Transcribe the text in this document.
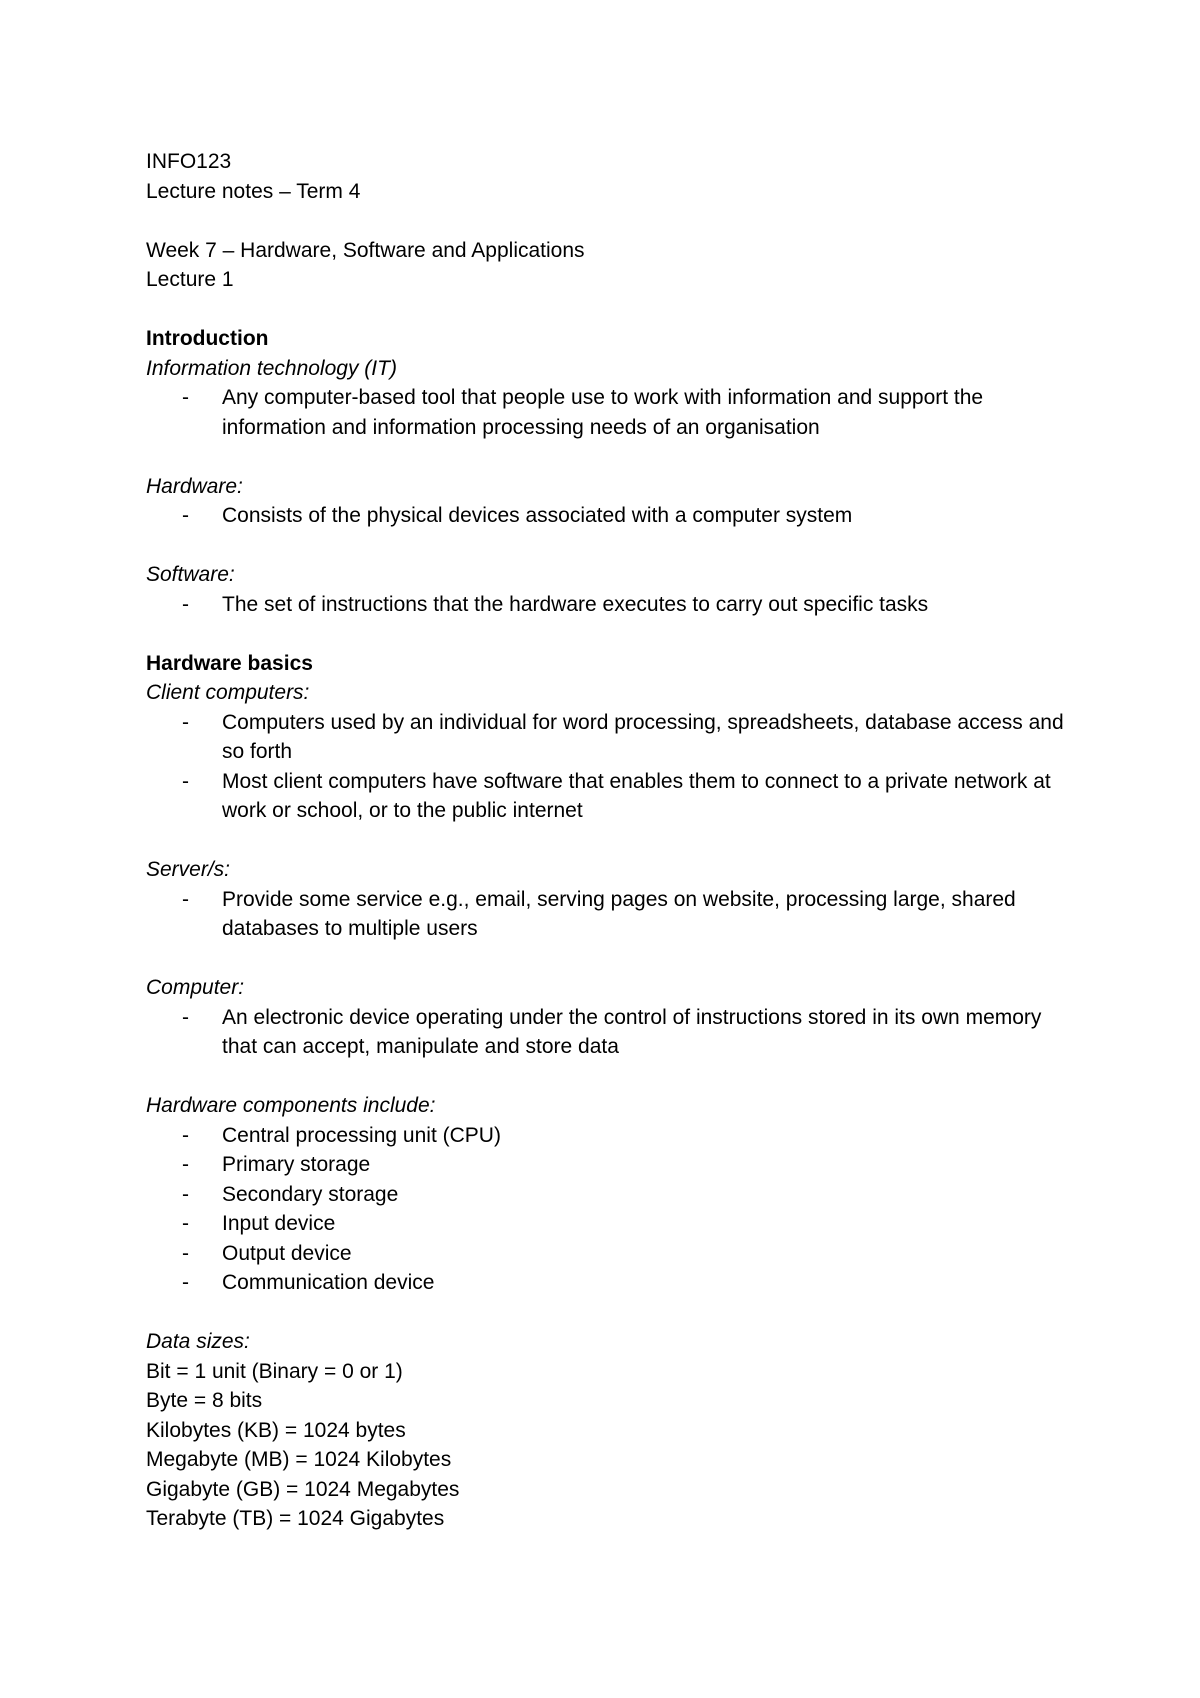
INFO123
Lecture notes – Term 4
Week 7 – Hardware, Software and Applications
Lecture 1
Introduction
Information technology (IT)
-	Any computer-based tool that people use to work with information and support the information and information processing needs of an organisation
Hardware:
-	Consists of the physical devices associated with a computer system
Software:
-	The set of instructions that the hardware executes to carry out specific tasks
Hardware basics
Client computers:
-	Computers used by an individual for word processing, spreadsheets, database access and so forth
-	Most client computers have software that enables them to connect to a private network at work or school, or to the public internet
Server/s:
-	Provide some service e.g., email, serving pages on website, processing large, shared databases to multiple users
Computer:
-	An electronic device operating under the control of instructions stored in its own memory that can accept, manipulate and store data
Hardware components include:
-	Central processing unit (CPU)
-	Primary storage
-	Secondary storage
-	Input device
-	Output device
-	Communication device
Data sizes:
Bit = 1 unit (Binary = 0 or 1)
Byte = 8 bits
Kilobytes (KB) = 1024 bytes
Megabyte (MB) = 1024 Kilobytes
Gigabyte (GB) = 1024 Megabytes
Terabyte (TB) = 1024 Gigabytes
